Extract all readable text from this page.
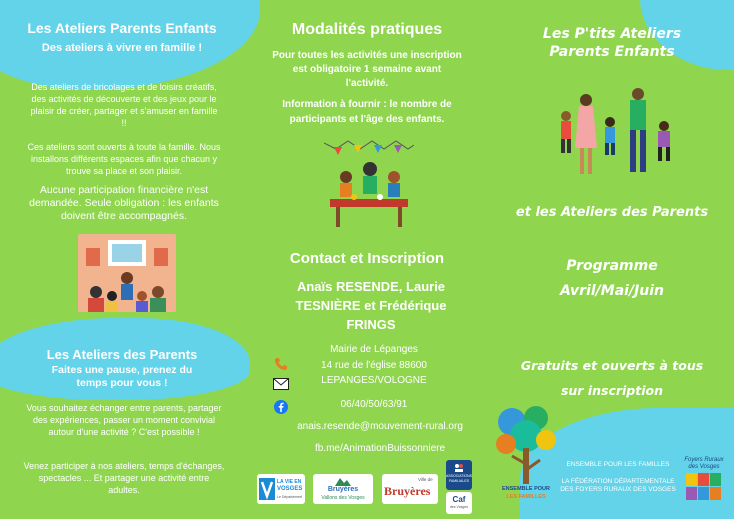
Les Ateliers Parents Enfants

Des ateliers à vivre en famille !

Des ateliers de bricolages et de loisirs créatifs, des activités de découverte et des jeux pour le plaisir de créer, partager et s'amuser en famille !!

Ces ateliers sont ouverts à toute la famille. Nous installons différents espaces afin que chacun y trouve sa place et son plaisir.

Aucune participation financière n'est demandée. Seule obligation : les enfants doivent être accompagnés.

Les Ateliers des Parents

Faites une pause, prenez du temps pour vous !

Vous souhaitez échanger entre parents, partager des expériences, passer un moment convivial autour d'une activité ? C'est possible !

Venez participer à nos ateliers, temps d'échanges, spectacles ... Et partager une activité entre adultes.

Modalités pratiques

Pour toutes les activités une inscription est obligatoire 1 semaine avant l'activité.

Information à fournir : le nombre de participants et l'âge des enfants.

Contact et Inscription

Anaïs RESENDE, Laurie TESNIÈRE et Frédérique FRINGS

Mairie de Lépanges

14 rue de l'église 88600

LEPANGES/VOLOGNE

06/40/50/63/91

anais.resende@mouvement-rural.org

fb.me/AnimationBuissonniere

Les P'tits Ateliers

Parents Enfants

et les Ateliers des Parents

Programme

Avril/Mai/Juin

Gratuits et ouverts à tous

sur inscription

ENSEMBLE POUR LES FAMILLES

LA FÉDÉRATION DÉPARTEMENTALE DES FOYERS RURAUX DES VOSGES

LA VIE EN
VOSGES
Le Département
Bruyères
Vallons des Vosges
Ville de
Bruyères
ASSOCIATIONS
FAMILIALES
Caf
des Vosges
ENSEMBLE POUR
LES FAMILLES
Foyers Ruraux des Vosges
